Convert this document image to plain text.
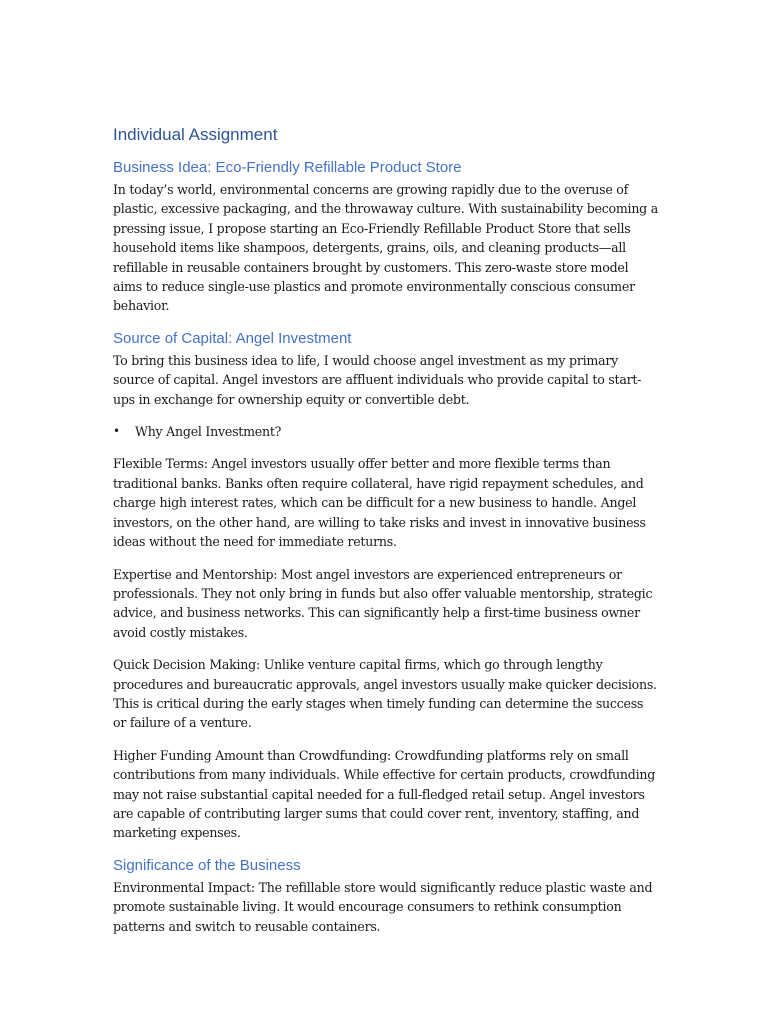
Individual Assignment
Business Idea: Eco-Friendly Refillable Product Store

In today’s world, environmental concerns are growing rapidly due to the overuse of plastic, excessive packaging, and the throwaway culture. With sustainability becoming a pressing issue, I propose starting an Eco-Friendly Refillable Product Store that sells household items like shampoos, detergents, grains, oils, and cleaning products—all refillable in reusable containers brought by customers. This zero-waste store model aims to reduce single-use plastics and promote environmentally conscious consumer behavior.

Source of Capital: Angel Investment

To bring this business idea to life, I would choose angel investment as my primary source of capital. Angel investors are affluent individuals who provide capital to start-ups in exchange for ownership equity or convertible debt.

• Why Angel Investment?

Flexible Terms: Angel investors usually offer better and more flexible terms than traditional banks. Banks often require collateral, have rigid repayment schedules, and charge high interest rates, which can be difficult for a new business to handle. Angel investors, on the other hand, are willing to take risks and invest in innovative business ideas without the need for immediate returns.

Expertise and Mentorship: Most angel investors are experienced entrepreneurs or professionals. They not only bring in funds but also offer valuable mentorship, strategic advice, and business networks. This can significantly help a first-time business owner avoid costly mistakes.

Quick Decision Making: Unlike venture capital firms, which go through lengthy procedures and bureaucratic approvals, angel investors usually make quicker decisions. This is critical during the early stages when timely funding can determine the success or failure of a venture.

Higher Funding Amount than Crowdfunding: Crowdfunding platforms rely on small contributions from many individuals. While effective for certain products, crowdfunding may not raise substantial capital needed for a full-fledged retail setup. Angel investors are capable of contributing larger sums that could cover rent, inventory, staffing, and marketing expenses.

Significance of the Business

Environmental Impact: The refillable store would significantly reduce plastic waste and promote sustainable living. It would encourage consumers to rethink consumption patterns and switch to reusable containers.
